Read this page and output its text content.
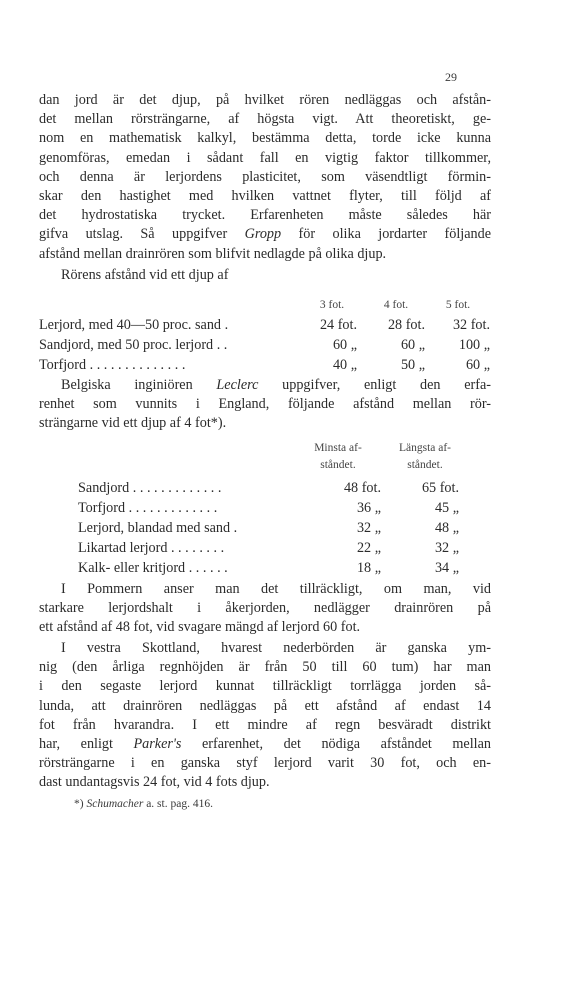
29
dan jord är det djup, på hvilket rören nedläggas och afstån-
det mellan rörsträngarne, af högsta vigt. Att theoretiskt, ge-
nom en mathematisk kalkyl, bestämma detta, torde icke kunna
genomföras, emedan i sådant fall en vigtig faktor tillkommer,
och denna är lerjordens plasticitet, som väsendtligt förmin-
skar den hastighet med hvilken vattnet flyter, till följd af
det hydrostatiska trycket. Erfarenheten måste således här
gifva utslag. Så uppgifver Gropp för olika jordarter följande
afstånd mellan drainrören som blifvit nedlagde på olika djup.
Rörens afstånd vid ett djup af
3 fot.	4 fot.	5 fot.
Lerjord, med 40—50 proc. sand .	24 fot.	28 fot.	32 fot.
Sandjord, med 50 proc. lerjord . .	60 „	60 „	100 „
Torfjord . . . . . . . . . . . . . .	40 „	50 „	60 „
Belgiska inginiören Leclerc uppgifver, enligt den erfa-
renhet som vunnits i England, följande afstånd mellan rör-
strängarne vid ett djup af 4 fot*).
Minsta af-
ståndet.
Längsta af-
ståndet.
Sandjord . . . . . . . . . . . . .	48 fot.	65 fot.
Torfjord . . . . . . . . . . . . .	36 „	45 „
Lerjord, blandad med sand .	32 „	48 „
Likartad lerjord . . . . . . . .	22 „	32 „
Kalk- eller kritjord . . . . . .	18 „	34 „
I Pommern anser man det tillräckligt, om man, vid
starkare lerjordshalt i åkerjorden, nedlägger drainrören på
ett afstånd af 48 fot, vid svagare mängd af lerjord 60 fot.
I vestra Skottland, hvarest nederbörden är ganska ym-
nig (den årliga regnhöjden är från 50 till 60 tum) har man
i den segaste lerjord kunnat tillräckligt torrlägga jorden så-
lunda, att drainrören nedläggas på ett afstånd af endast 14
fot från hvarandra. I ett mindre af regn besväradt distrikt
har, enligt Parker's erfarenhet, det nödiga afståndet mellan
rörsträngarne i en ganska styf lerjord varit 30 fot, och en-
dast undantagsvis 24 fot, vid 4 fots djup.
*) Schumacher a. st. pag. 416.
